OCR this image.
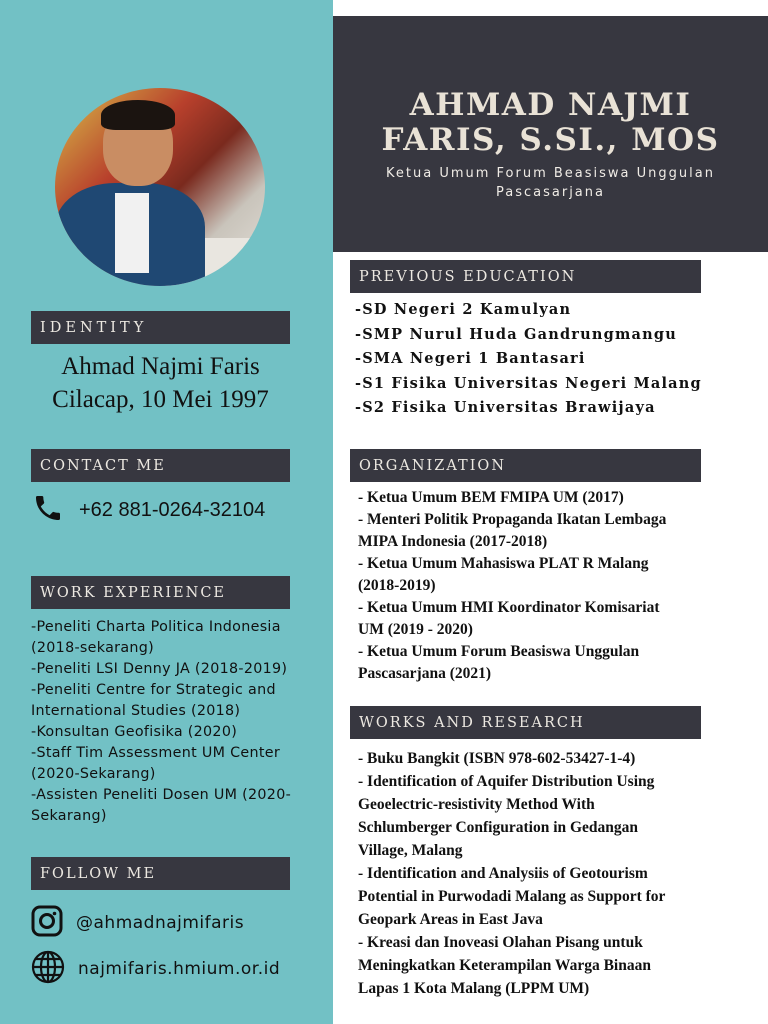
IDENTITY
Ahmad Najmi Faris
Cilacap, 10 Mei 1997
CONTACT ME
+62 881-0264-32104
WORK EXPERIENCE
-Peneliti Charta Politica Indonesia
(2018-sekarang)
-Peneliti LSI Denny JA (2018-2019)
-Peneliti Centre for Strategic and
International Studies (2018)
-Konsultan Geofisika (2020)
-Staff Tim Assessment UM Center
(2020-Sekarang)
-Assisten Peneliti Dosen UM (2020-
Sekarang)
FOLLOW ME
@ahmadnajmifaris
najmifaris.hmium.or.id
AHMAD NAJMI
FARIS, S.SI., MOS
Ketua Umum Forum Beasiswa Unggulan
Pascasarjana
PREVIOUS EDUCATION
-SD Negeri 2 Kamulyan
-SMP Nurul Huda Gandrungmangu
-SMA Negeri 1 Bantasari
-S1 Fisika Universitas Negeri Malang
-S2 Fisika Universitas Brawijaya
ORGANIZATION
- Ketua Umum BEM FMIPA UM (2017)
- Menteri Politik Propaganda Ikatan Lembaga
MIPA Indonesia (2017-2018)
- Ketua Umum Mahasiswa PLAT R Malang
(2018-2019)
- Ketua Umum HMI Koordinator Komisariat
UM (2019 - 2020)
- Ketua Umum Forum Beasiswa Unggulan
Pascasarjana (2021)
WORKS AND RESEARCH
- Buku Bangkit (ISBN 978-602-53427-1-4)
- Identification of Aquifer Distribution Using
Geoelectric-resistivity Method With
Schlumberger Configuration in Gedangan
Village, Malang
- Identification and Analysiis of Geotourism
Potential in Purwodadi Malang as Support for
Geopark Areas in East Java
- Kreasi dan Inoveasi Olahan Pisang untuk
Meningkatkan Keterampilan Warga Binaan
Lapas 1 Kota Malang (LPPM UM)
